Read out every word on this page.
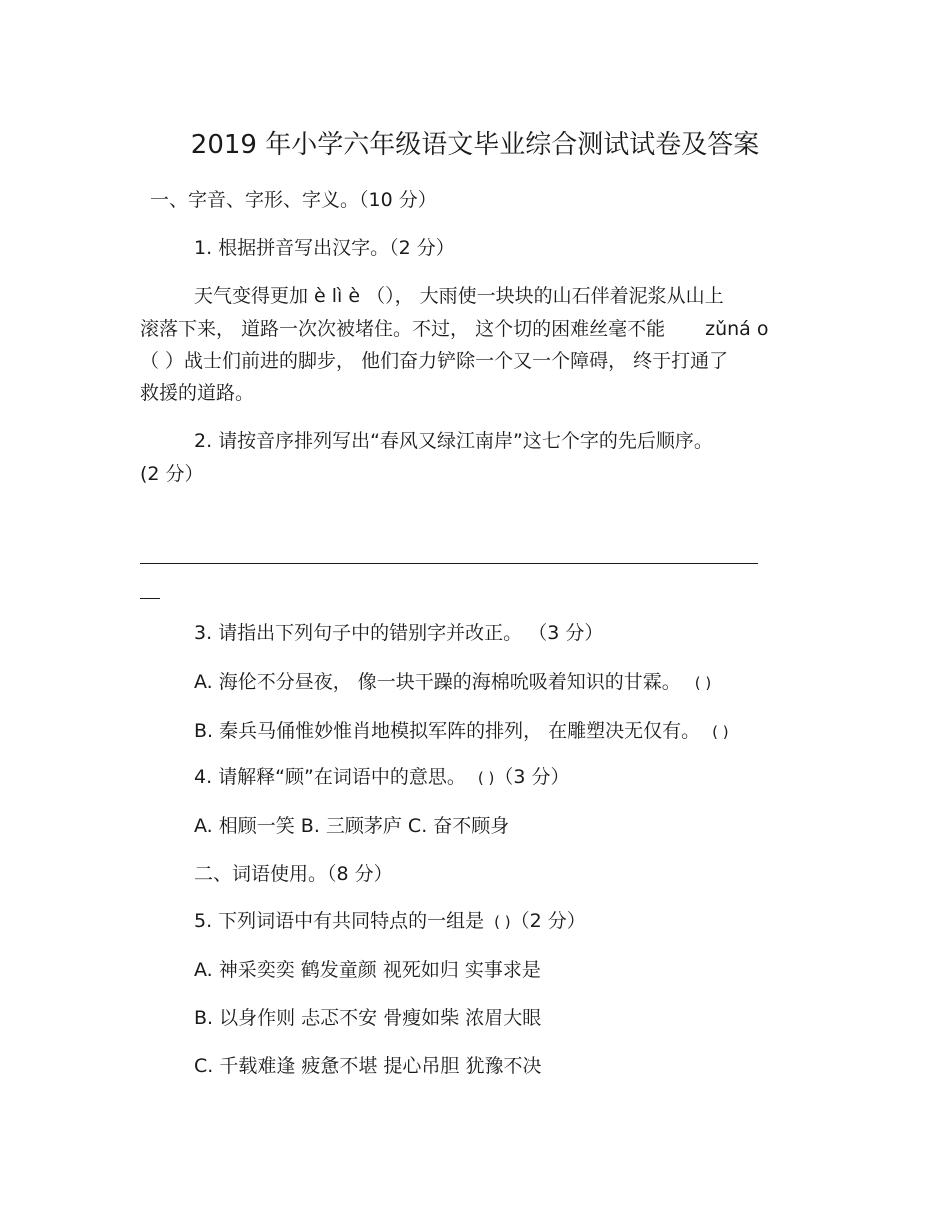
2019 年小学六年级语文毕业综合测试试卷及答案
一、字音、字形、字义。（10 分）
1. 根据拼音写出汉字。（2 分）
天气变得更加 è lì è （）， 大雨使一块块的山石伴着泥浆从山上
滚落下来， 道路一次次被堵住。不过， 这个切的困难丝毫不能 zǔná o
（ ）战士们前进的脚步， 他们奋力铲除一个又一个障碍， 终于打通了
救援的道路。
2. 请按音序排列写出“春风又绿江南岸”这七个字的先后顺序。
(2 分）
3. 请指出下列句子中的错别字并改正。 （3 分）
A. 海伦不分昼夜， 像一块干躁的海棉吮吸着知识的甘霖。 ( )
B. 秦兵马俑惟妙惟肖地模拟军阵的排列， 在雕塑决无仅有。 ( )
4. 请解释“顾”在词语中的意思。 ( )（3 分）
A. 相顾一笑 B. 三顾茅庐 C. 奋不顾身
二、词语使用。（8 分）
5. 下列词语中有共同特点的一组是 ( )（2 分）
A. 神采奕奕 鹤发童颜 视死如归 实事求是
B. 以身作则 忐忑不安 骨瘦如柴 浓眉大眼
C. 千载难逢 疲惫不堪 提心吊胆 犹豫不决
